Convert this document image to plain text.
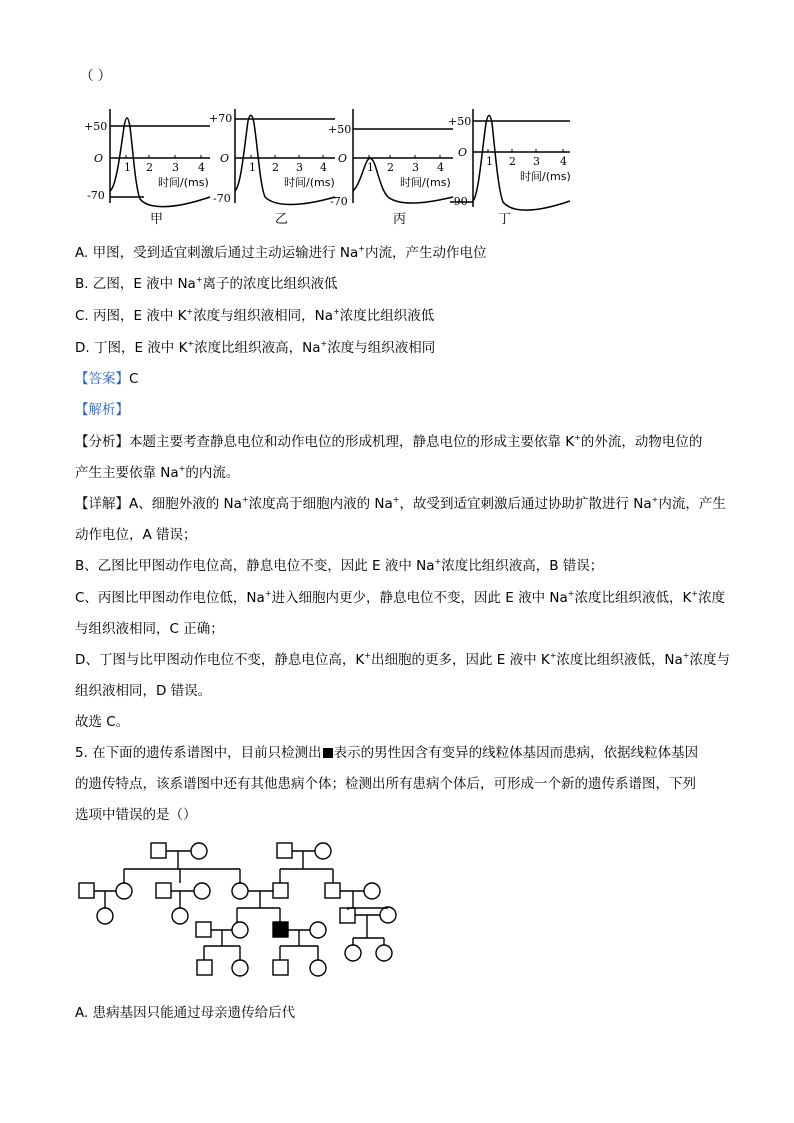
（ ）
+50
O
-70
1 2 3 4
时间/(ms)
甲
+70
O
-70
1 2 3 4
时间/(ms)
乙
+50
O
-70
1 2 3 4
时间/(ms)
丙
+50
O
-90
1 2 3 4
时间/(ms)
丁
A. 甲图，受到适宜刺激后通过主动运输进行 Na+内流，产生动作电位
B. 乙图，E 液中 Na+离子的浓度比组织液低
C. 丙图，E 液中 K+浓度与组织液相同，Na+浓度比组织液低
D. 丁图，E 液中 K+浓度比组织液高，Na+浓度与组织液相同
【答案】C
【解析】
【分析】本题主要考查静息电位和动作电位的形成机理，静息电位的形成主要依靠 K+的外流，动物电位的
产生主要依靠 Na+的内流。
【详解】A、细胞外液的 Na+浓度高于细胞内液的 Na+，故受到适宜刺激后通过协助扩散进行 Na+内流，产生
动作电位，A 错误；
B、乙图比甲图动作电位高，静息电位不变，因此 E 液中 Na+浓度比组织液高，B 错误；
C、丙图比甲图动作电位低，Na+进入细胞内更少，静息电位不变，因此 E 液中 Na+浓度比组织液低，K+浓度
与组织液相同，C 正确；
D、丁图与比甲图动作电位不变，静息电位高，K+出细胞的更多，因此 E 液中 K+浓度比组织液低，Na+浓度与
组织液相同，D 错误。
故选 C。
5. 在下面的遗传系谱图中，目前只检测出 表示的男性因含有变异的线粒体基因而患病，依据线粒体基因
的遗传特点，该系谱图中还有其他患病个体；检测出所有患病个体后，可形成一个新的遗传系谱图，下列
选项中错误的是（）
A. 患病基因只能通过母亲遗传给后代
